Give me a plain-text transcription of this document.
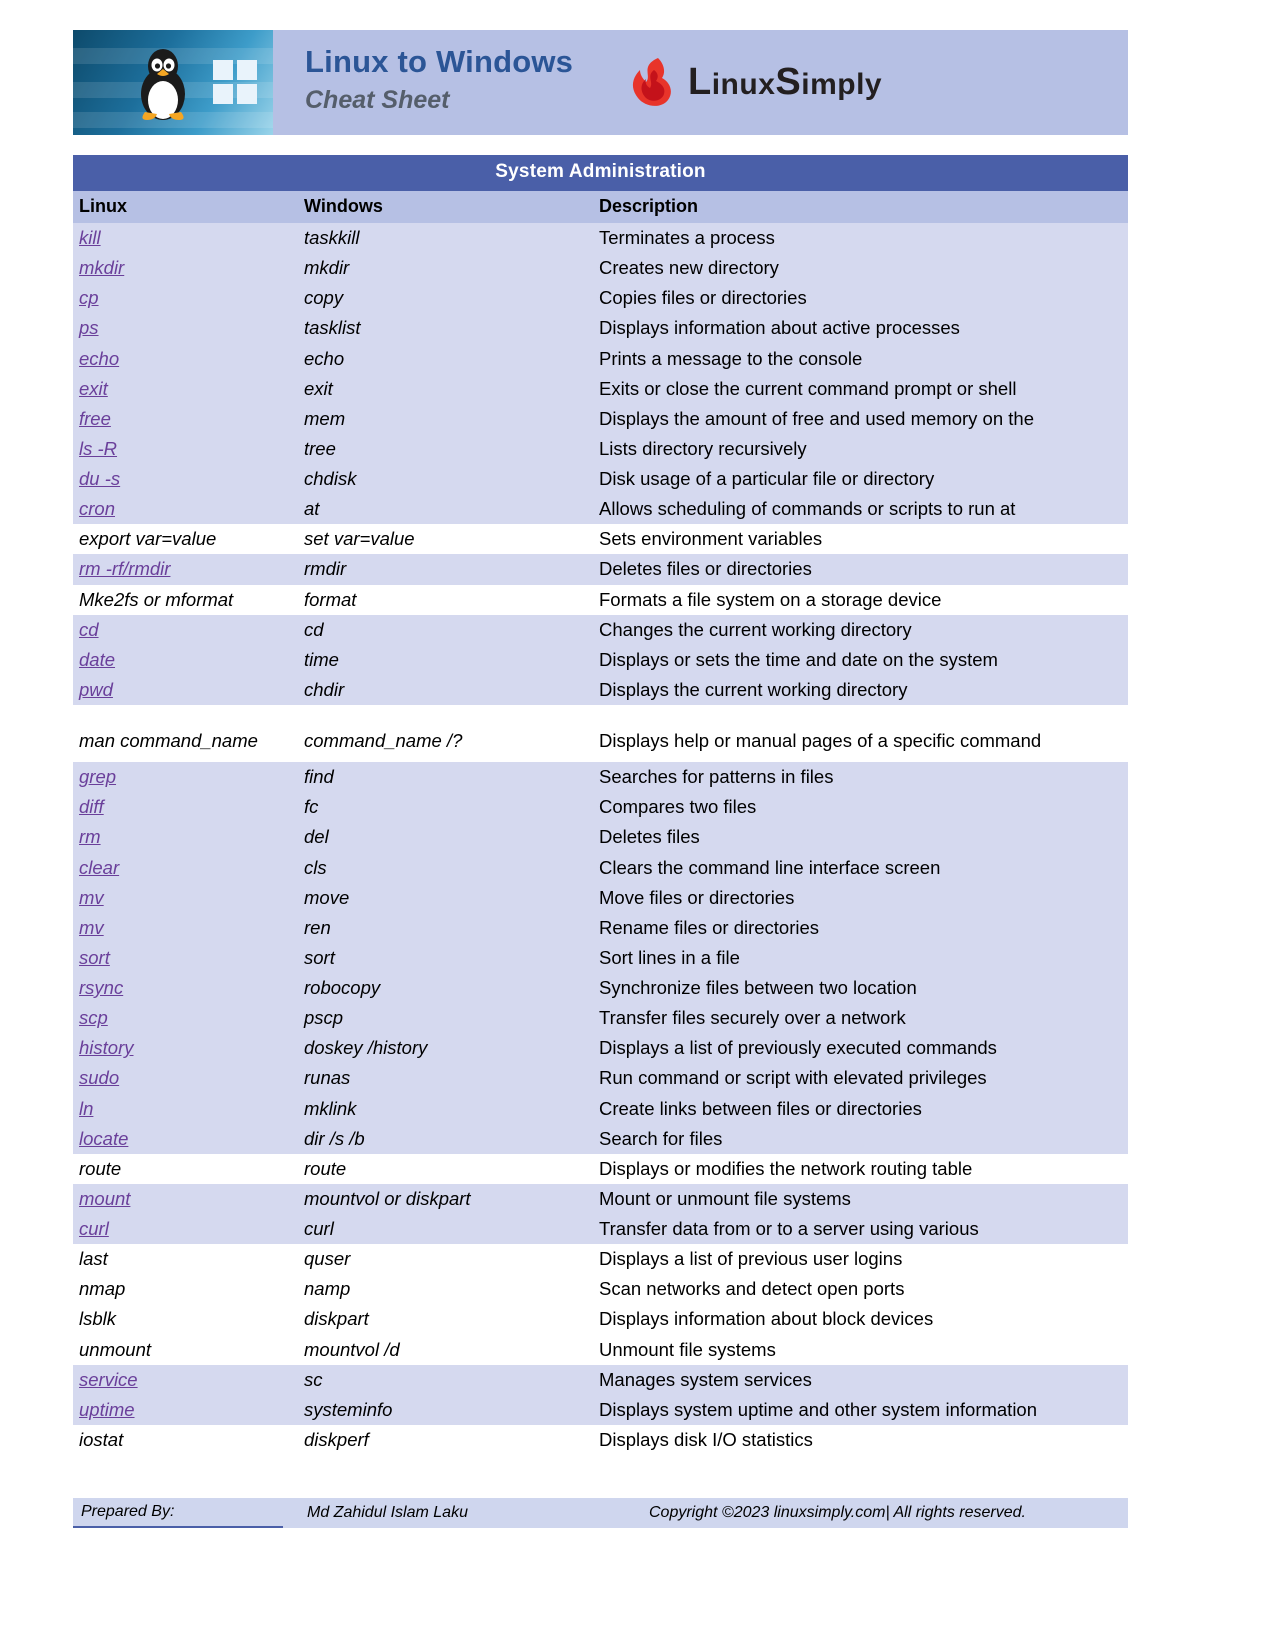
Linux to Windows
Cheat Sheet	LinuxSimply
System Administration
Linux	Windows	Description
kill	taskkill	Terminates a process
mkdir	mkdir	Creates new directory
cp	copy	Copies files or directories
ps	tasklist	Displays information about active processes
echo	echo	Prints a message to the console
exit	exit	Exits or close the current command prompt or shell
free	mem	Displays the amount of free and used memory on the
ls -R	tree	Lists directory recursively
du -s	chdisk	Disk usage of a particular file or directory
cron	at	Allows scheduling of commands or scripts to run at
export var=value	set var=value	Sets environment variables
rm -rf/rmdir	rmdir	Deletes files or directories
Mke2fs or mformat	format	Formats a file system on a storage device
cd	cd	Changes the current working directory
date	time	Displays or sets the time and date on the system
pwd	chdir	Displays the current working directory

man command_name	command_name /?	Displays help or manual pages of a specific command
grep	find	Searches for patterns in files
diff	fc	Compares two files
rm	del	Deletes files
clear	cls	Clears the command line interface screen
mv	move	Move files or directories
mv	ren	Rename files or directories
sort	sort	Sort lines in a file
rsync	robocopy	Synchronize files between two location
scp	pscp	Transfer files securely over a network
history	doskey /history	Displays a list of previously executed commands
sudo	runas	Run command or script with elevated privileges
ln	mklink	Create links between files or directories
locate	dir /s /b	Search for files
route	route	Displays or modifies the network routing table
mount	mountvol or diskpart	Mount or unmount file systems
curl	curl	Transfer data from or to a server using various
last	quser	Displays a list of previous user logins
nmap	namp	Scan networks and detect open ports
lsblk	diskpart	Displays information about block devices
unmount	mountvol /d	Unmount file systems
service	sc	Manages system services
uptime	systeminfo	Displays system uptime and other system information
iostat	diskperf	Displays disk I/O statistics
Prepared By:	Md Zahidul Islam Laku	Copyright ©2023 linuxsimply.com| All rights reserved.
